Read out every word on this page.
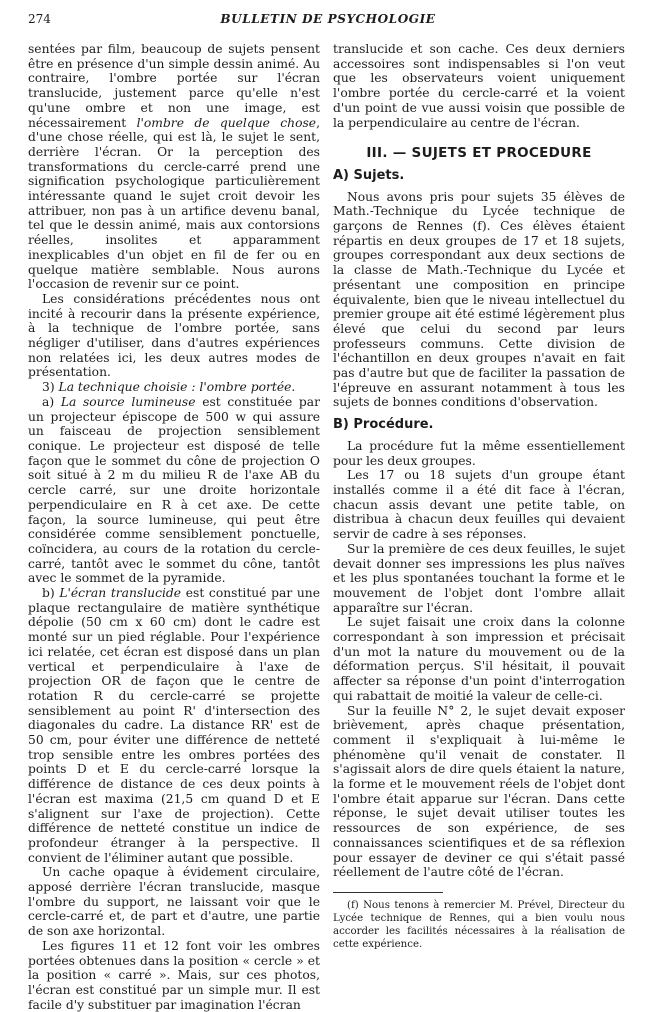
274	BULLETIN DE PSYCHOLOGIE

sentées par film, beaucoup de sujets pensent être en présence d'un simple dessin animé. Au contraire, l'ombre portée sur l'écran translucide, justement parce qu'elle n'est qu'une ombre et non une image, est nécessairement l'ombre de quelque chose, d'une chose réelle, qui est là, le sujet le sent, derrière l'écran. Or la perception des transformations du cercle-carré prend une signification psychologique particulièrement intéressante quand le sujet croit devoir les attribuer, non pas à un artifice devenu banal, tel que le dessin animé, mais aux contorsions réelles, insolites et apparamment inexplicables d'un objet en fil de fer ou en quelque matière semblable. Nous aurons l'occasion de revenir sur ce point.

Les considérations précédentes nous ont incité à recourir dans la présente expérience, à la technique de l'ombre portée, sans négliger d'utiliser, dans d'autres expériences non relatées ici, les deux autres modes de présentation.

3) La technique choisie : l'ombre portée.

a) La source lumineuse est constituée par un projecteur épiscope de 500 w qui assure un faisceau de projection sensiblement conique. Le projecteur est disposé de telle façon que le sommet du cône de projection O soit situé à 2 m du milieu R de l'axe AB du cercle carré, sur une droite horizontale perpendiculaire en R à cet axe. De cette façon, la source lumineuse, qui peut être considérée comme sensiblement ponctuelle, coïncidera, au cours de la rotation du cercle-carré, tantôt avec le sommet du cône, tantôt avec le sommet de la pyramide.

b) L'écran translucide est constitué par une plaque rectangulaire de matière synthétique dépolie (50 cm x 60 cm) dont le cadre est monté sur un pied réglable. Pour l'expérience ici relatée, cet écran est disposé dans un plan vertical et perpendiculaire à l'axe de projection OR de façon que le centre de rotation R du cercle-carré se projette sensiblement au point R' d'intersection des diagonales du cadre. La distance RR' est de 50 cm, pour éviter une différence de netteté trop sensible entre les ombres portées des points D et E du cercle-carré lorsque la différence de distance de ces deux points à l'écran est maxima (21,5 cm quand D et E s'alignent sur l'axe de projection). Cette différence de netteté constitue un indice de profondeur étranger à la perspective. Il convient de l'éliminer autant que possible.

Un cache opaque à évidement circulaire, apposé derrière l'écran translucide, masque l'ombre du support, ne laissant voir que le cercle-carré et, de part et d'autre, une partie de son axe horizontal.

Les figures 11 et 12 font voir les ombres portées obtenues dans la position « cercle » et la position « carré ». Mais, sur ces photos, l'écran est constitué par un simple mur. Il est facile d'y substituer par imagination l'écran

translucide et son cache. Ces deux derniers accessoires sont indispensables si l'on veut que les observateurs voient uniquement l'ombre portée du cercle-carré et la voient d'un point de vue aussi voisin que possible de la perpendiculaire au centre de l'écran.

III. — SUJETS ET PROCEDURE
A) Sujets.

Nous avons pris pour sujets 35 élèves de Math.-Technique du Lycée technique de garçons de Rennes (f). Ces élèves étaient répartis en deux groupes de 17 et 18 sujets, groupes correspondant aux deux sections de la classe de Math.-Technique du Lycée et présentant une composition en principe équivalente, bien que le niveau intellectuel du premier groupe ait été estimé légèrement plus élevé que celui du second par leurs professeurs communs. Cette division de l'échantillon en deux groupes n'avait en fait pas d'autre but que de faciliter la passation de l'épreuve en assurant notamment à tous les sujets de bonnes conditions d'observation.

B) Procédure.

La procédure fut la même essentiellement pour les deux groupes.

Les 17 ou 18 sujets d'un groupe étant installés comme il a été dit face à l'écran, chacun assis devant une petite table, on distribua à chacun deux feuilles qui devaient servir de cadre à ses réponses.

Sur la première de ces deux feuilles, le sujet devait donner ses impressions les plus naïves et les plus spontanées touchant la forme et le mouvement de l'objet dont l'ombre allait apparaître sur l'écran.

Le sujet faisait une croix dans la colonne correspondant à son impression et précisait d'un mot la nature du mouvement ou de la déformation perçus. S'il hésitait, il pouvait affecter sa réponse d'un point d'interrogation qui rabattait de moitié la valeur de celle-ci.

Sur la feuille N° 2, le sujet devait exposer brièvement, après chaque présentation, comment il s'expliquait à lui-même le phénomène qu'il venait de constater. Il s'agissait alors de dire quels étaient la nature, la forme et le mouvement réels de l'objet dont l'ombre était apparue sur l'écran. Dans cette réponse, le sujet devait utiliser toutes les ressources de son expérience, de ses connaissances scientifiques et de sa réflexion pour essayer de deviner ce qui s'était passé réellement de l'autre côté de l'écran.

(f) Nous tenons à remercier M. Prével, Directeur du Lycée technique de Rennes, qui a bien voulu nous accorder les facilités nécessaires à la réalisation de cette expérience.
